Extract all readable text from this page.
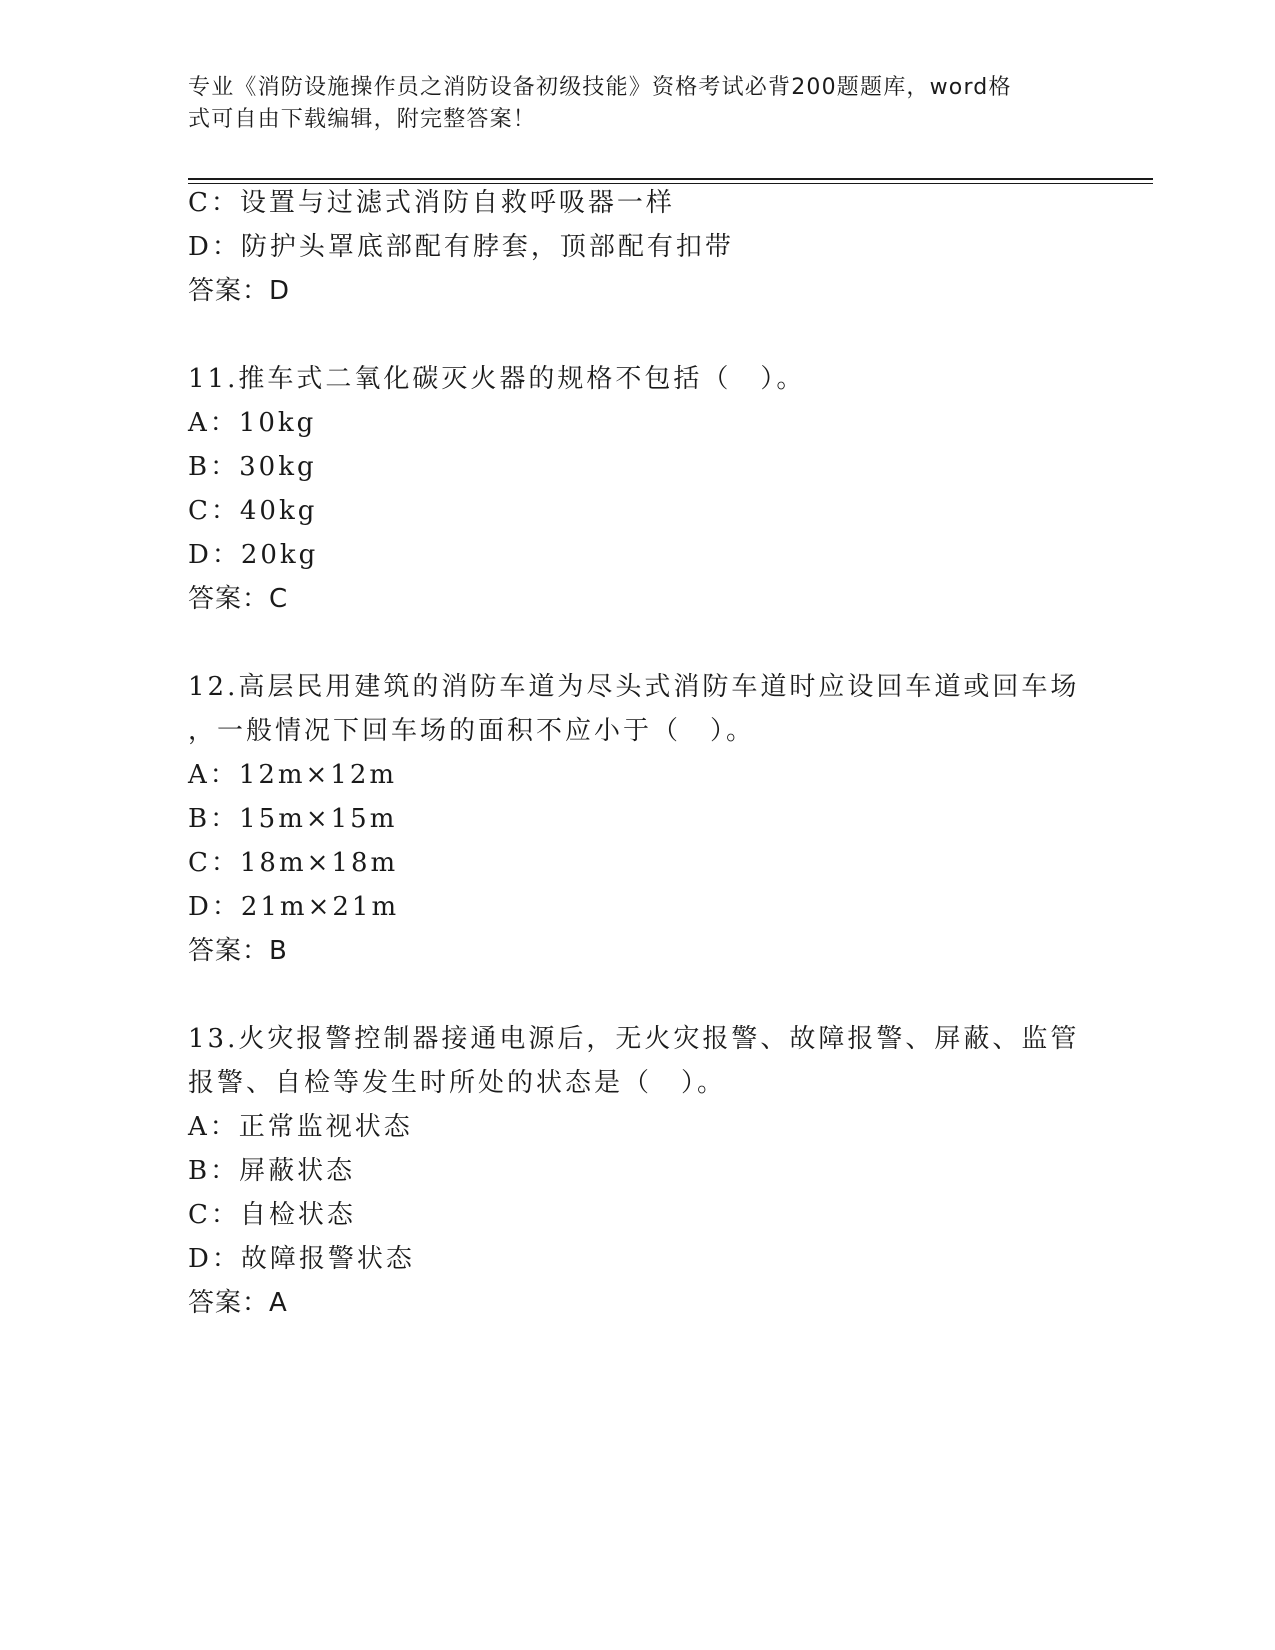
专业《消防设施操作员之消防设备初级技能》资格考试必背200题题库，word格
式可自由下载编辑，附完整答案！
C：设置与过滤式消防自救呼吸器一样
D：防护头罩底部配有脖套，顶部配有扣带
答案：D
11.推车式二氧化碳灭火器的规格不包括（　）。
A：10kg
B：30kg
C：40kg
D：20kg
答案：C
12.高层民用建筑的消防车道为尽头式消防车道时应设回车道或回车场
，一般情况下回车场的面积不应小于（　）。
A：12m×12m
B：15m×15m
C：18m×18m
D：21m×21m
答案：B
13.火灾报警控制器接通电源后，无火灾报警、故障报警、屏蔽、监管
报警、自检等发生时所处的状态是（　）。
A：正常监视状态
B：屏蔽状态
C：自检状态
D：故障报警状态
答案：A
